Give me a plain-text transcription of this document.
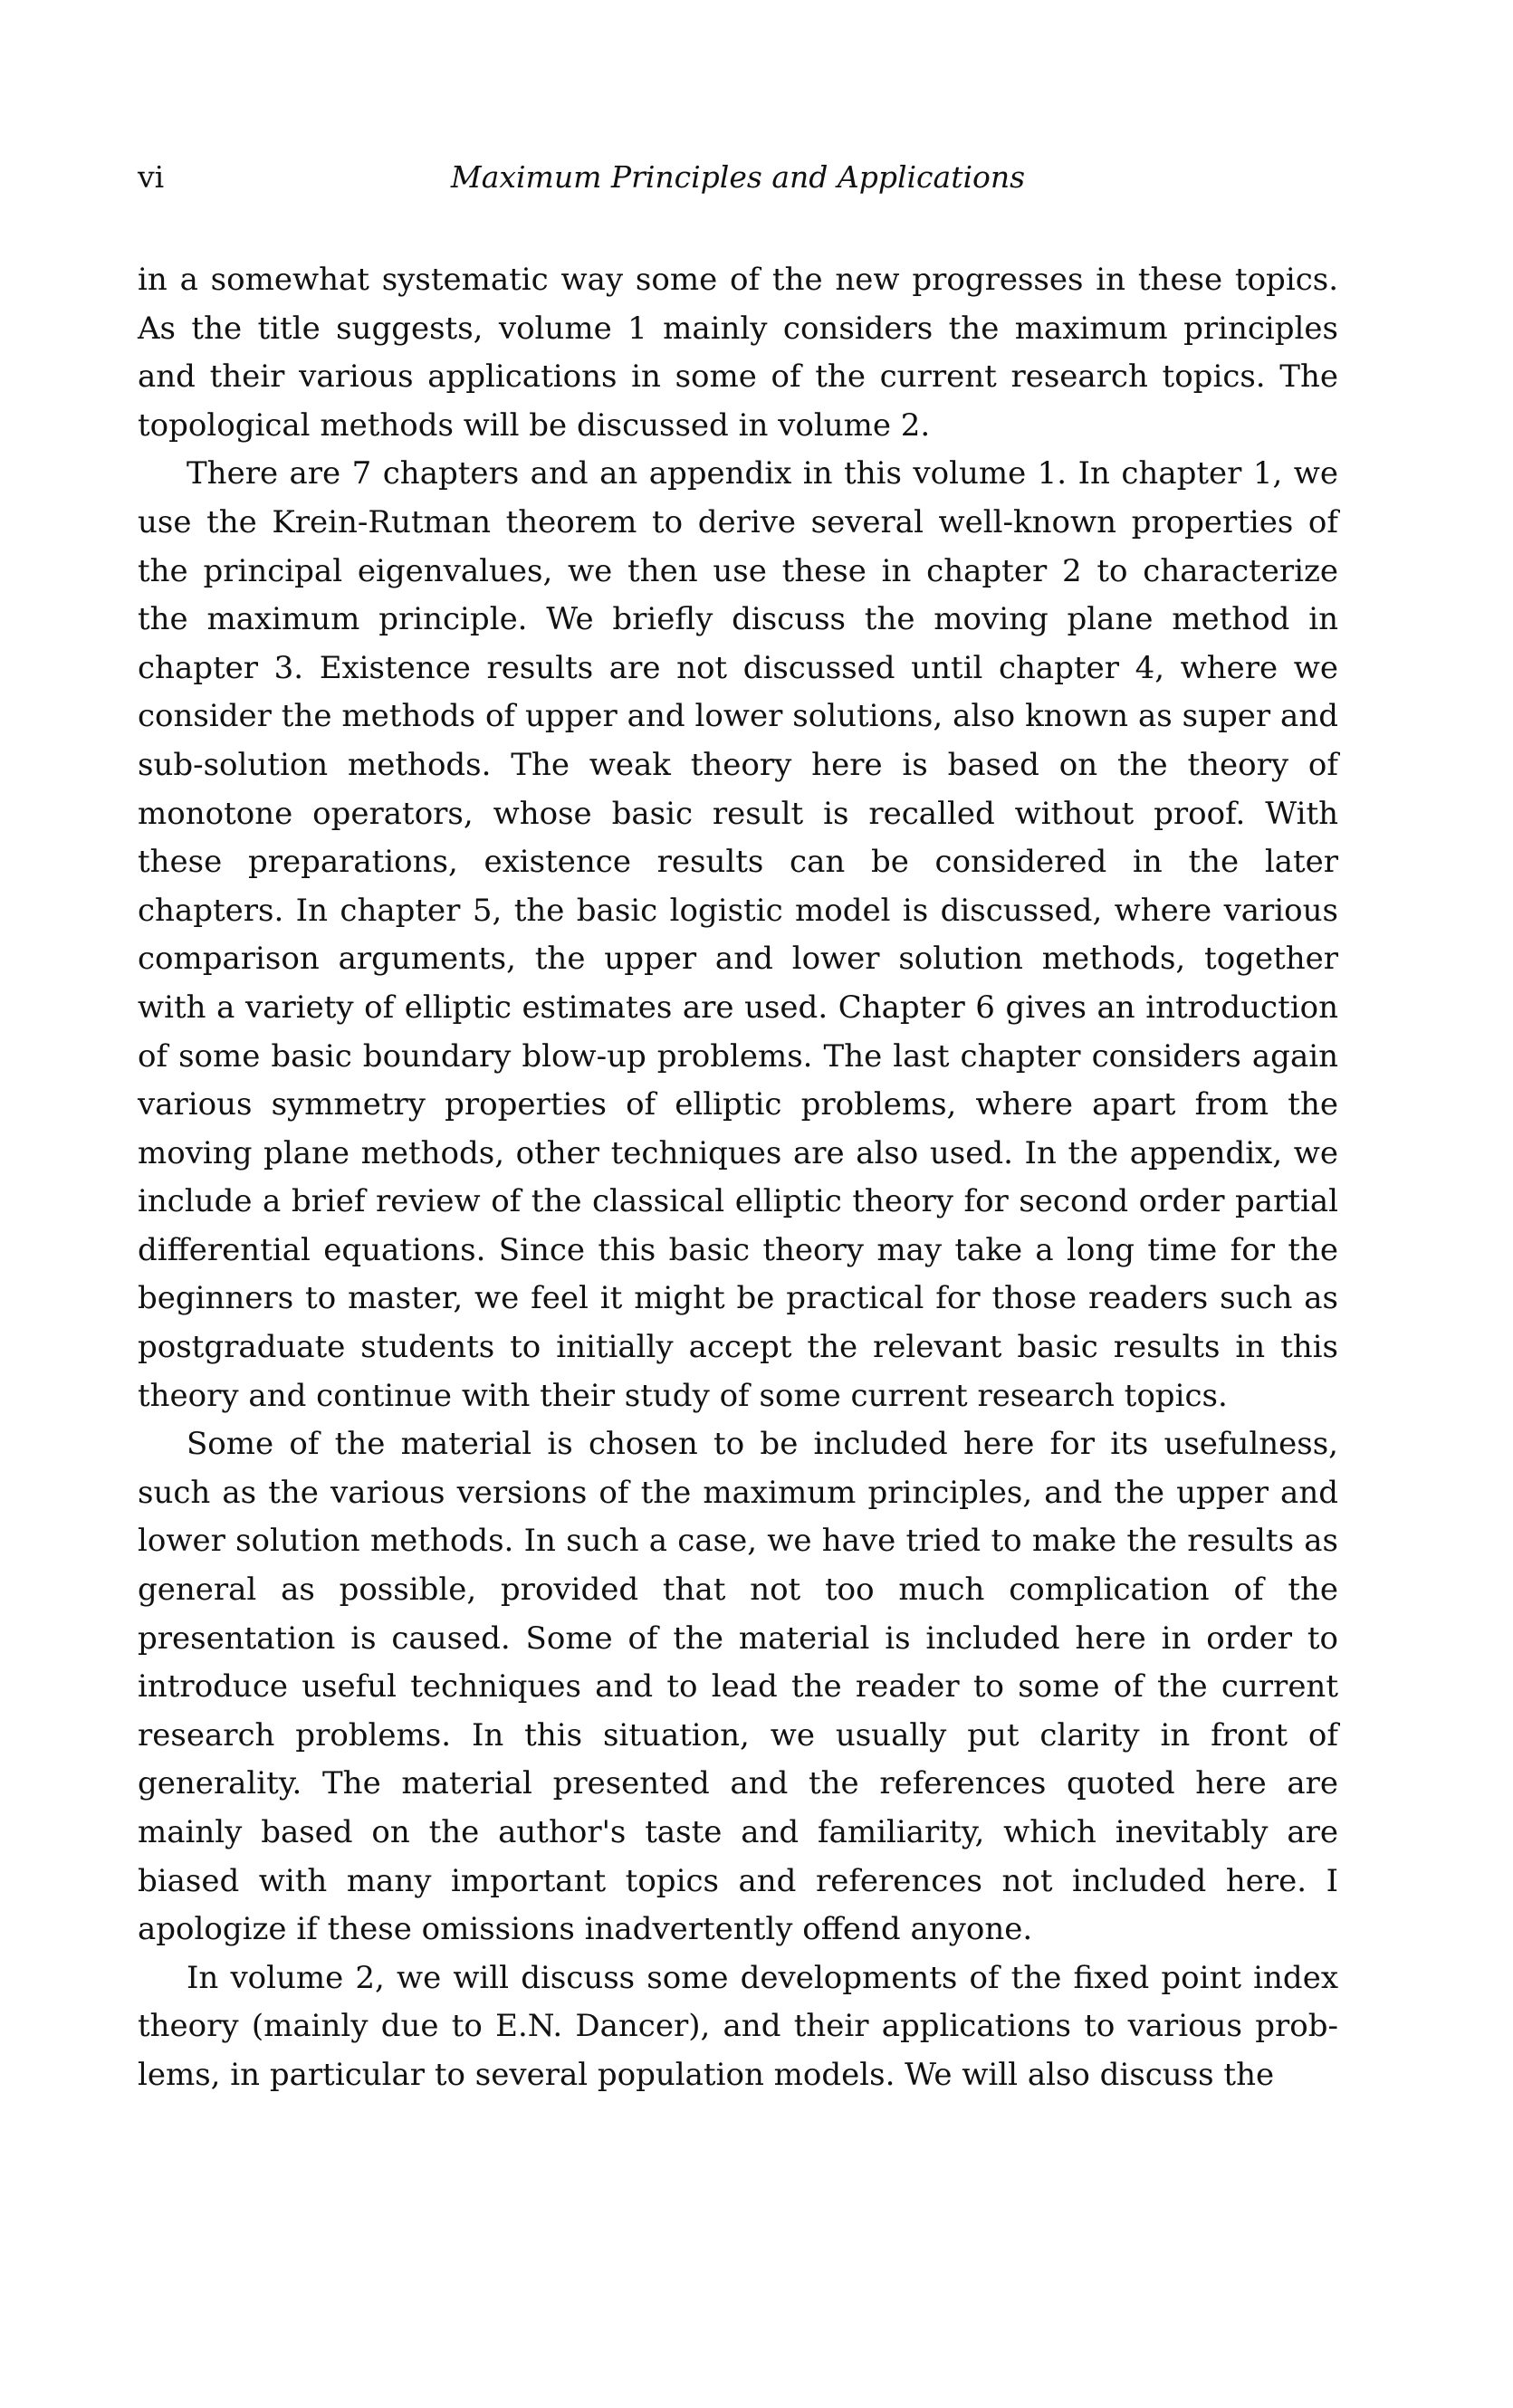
vi	Maximum Principles and Applications

in a somewhat systematic way some of the new progresses in these topics. As the title suggests, volume 1 mainly considers the maximum principles and their various applications in some of the current research topics. The topological methods will be discussed in volume 2.

There are 7 chapters and an appendix in this volume 1. In chapter 1, we use the Krein-Rutman theorem to derive several well-known properties of the principal eigenvalues, we then use these in chapter 2 to characterize the maximum principle. We briefly discuss the moving plane method in chapter 3. Existence results are not discussed until chapter 4, where we consider the methods of upper and lower solutions, also known as super and sub-solution methods. The weak theory here is based on the theory of monotone operators, whose basic result is recalled without proof. With these preparations, existence results can be considered in the later chapters. In chapter 5, the basic logistic model is discussed, where various comparison arguments, the upper and lower solution methods, together with a variety of elliptic estimates are used. Chapter 6 gives an introduction of some basic boundary blow-up problems. The last chapter considers again various symmetry properties of elliptic problems, where apart from the moving plane methods, other techniques are also used. In the appendix, we include a brief review of the classical elliptic theory for second order partial differential equations. Since this basic theory may take a long time for the beginners to master, we feel it might be practical for those readers such as postgraduate students to initially accept the relevant basic results in this theory and continue with their study of some current research topics.

Some of the material is chosen to be included here for its usefulness, such as the various versions of the maximum principles, and the upper and lower solution methods. In such a case, we have tried to make the results as general as possible, provided that not too much complication of the presentation is caused. Some of the material is included here in order to introduce useful techniques and to lead the reader to some of the current research problems. In this situation, we usually put clarity in front of generality. The material presented and the references quoted here are mainly based on the author's taste and familiarity, which inevitably are biased with many important topics and references not included here. I apologize if these omissions inadvertently offend anyone.

In volume 2, we will discuss some developments of the fixed point index theory (mainly due to E.N. Dancer), and their applications to various problems, in particular to several population models. We will also discuss the
